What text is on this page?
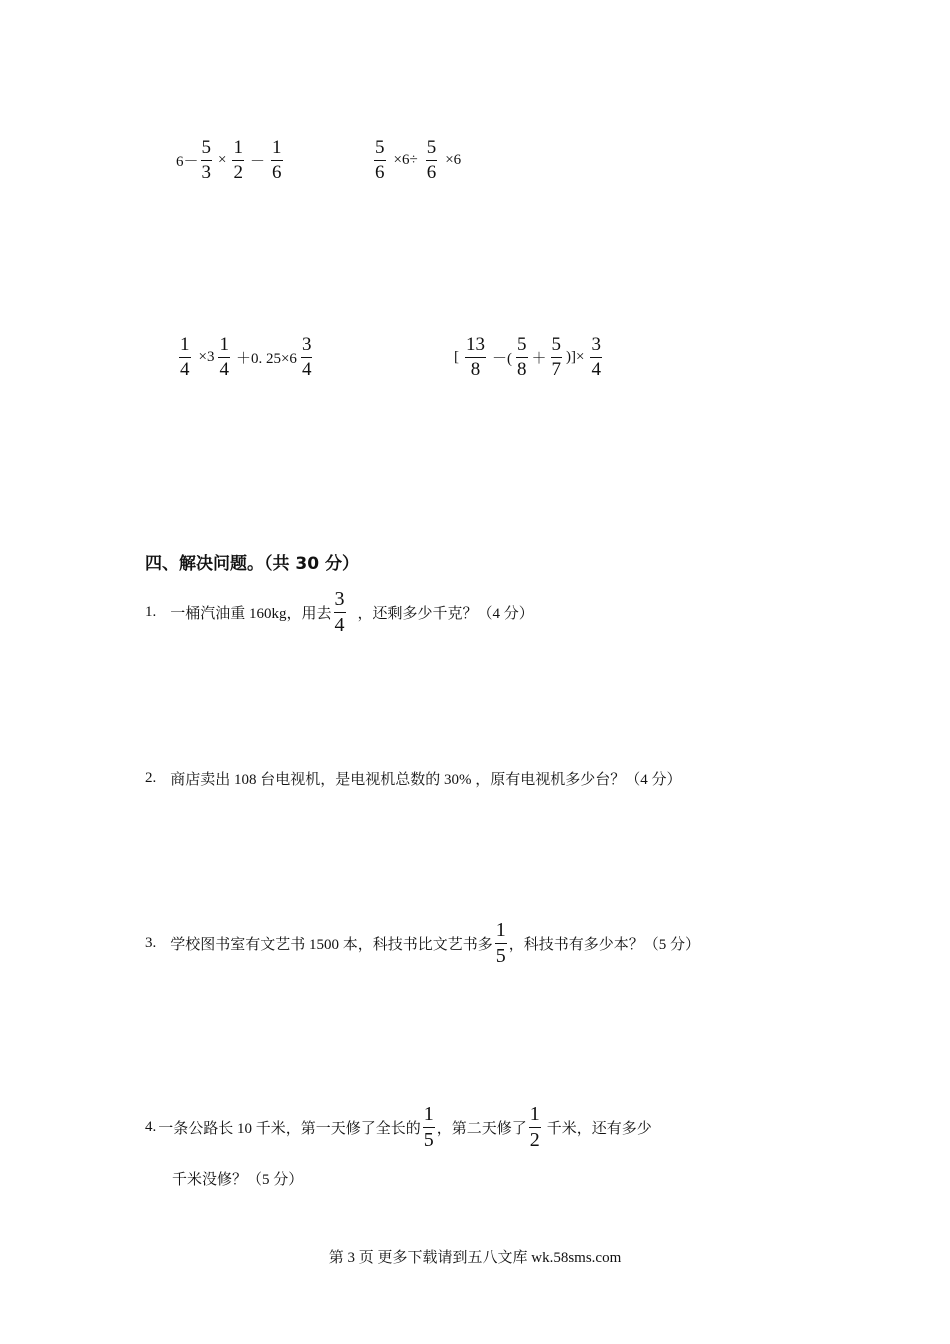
$6- \frac{5}{3} \times \frac{1}{2} - \frac{1}{6}$	$\frac{5}{6} \times 6\div \frac{5}{6} \times 6$
$\frac{1}{4} \times 3 \frac{1}{4} +0$. $25\times 6 \frac{3}{4}$	[ $\frac{13}{8}$ －( $\frac{5}{8} + \frac{5}{7}$ )]× $\frac{3}{4}$
四、解决问题。（共 30 分）
1. 一桶汽油重 160kg，用去 $\frac{3}{4}$ ，还剩多少千克？（4 分）
2. 商店卖出 108 台电视机，是电视机总数的 30% ，原有电视机多少台？（4 分）
3. 学校图书室有文艺书 1500 本，科技书比文艺书多 $\frac{1}{5}$ ，科技书有多少本？（5 分）
4. 一条公路长 10 千米，第一天修了全长的 $\frac{1}{5}$ ，第二天修了 $\frac{1}{2}$ 千米，还有多少
千米没修？（5 分）
第 3 页 更多下载请到五八文库 wk.58sms.com
